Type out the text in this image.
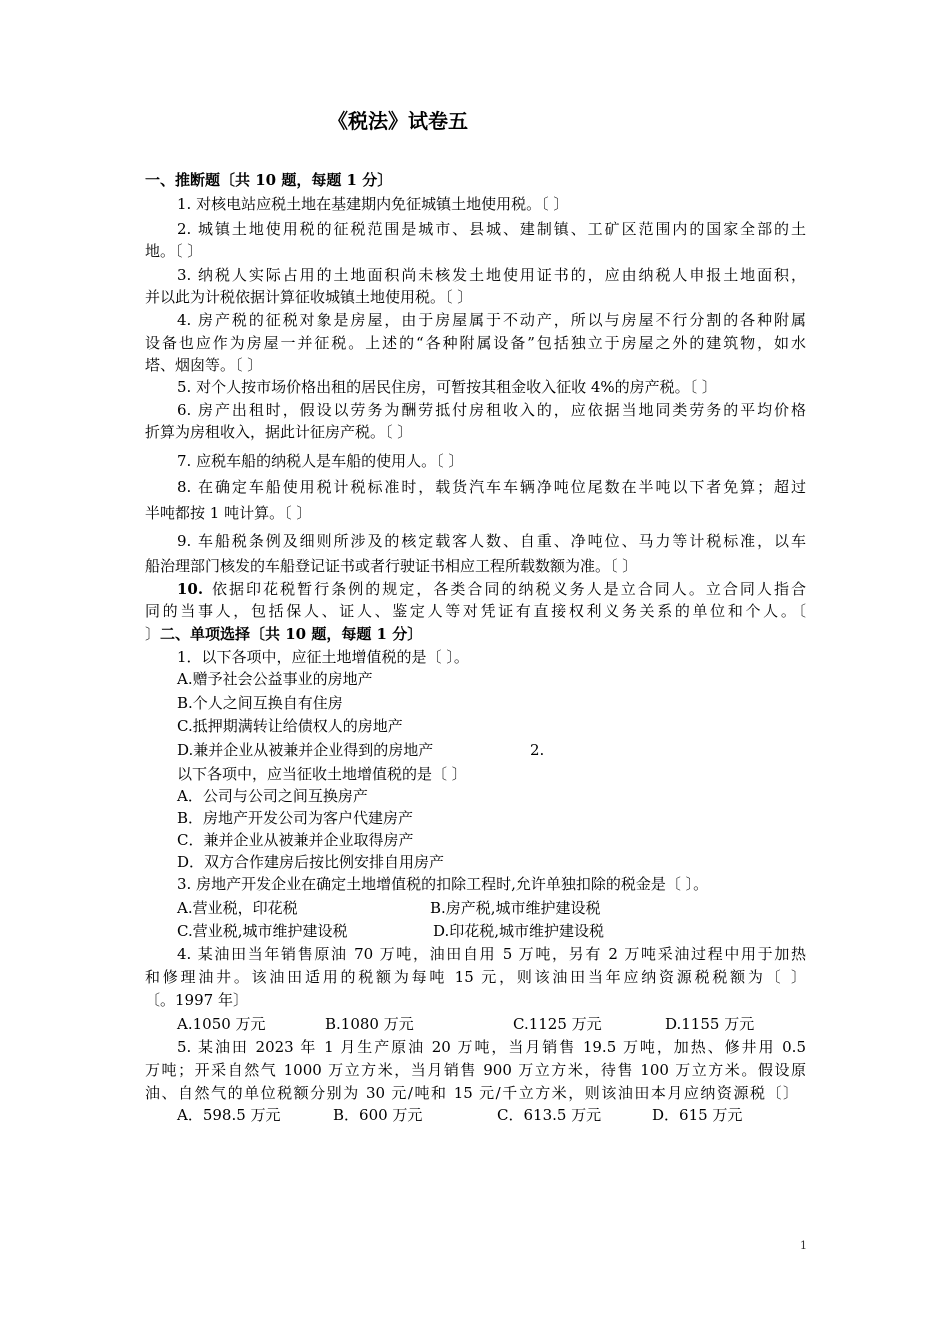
《税法》试卷五
一、推断题〔共 10 题，每题 1 分〕
1. 对核电站应税土地在基建期内免征城镇土地使用税。〔 〕
2. 城镇土地使用税的征税范围是城市、县城、建制镇、工矿区范围内的国家全部的土
地。〔 〕
3. 纳税人实际占用的土地面积尚未核发土地使用证书的，应由纳税人申报土地面积，
并以此为计税依据计算征收城镇土地使用税。〔 〕
4. 房产税的征税对象是房屋，由于房屋属于不动产，所以与房屋不行分割的各种附属
设备也应作为房屋一并征税。上述的“各种附属设备”包括独立于房屋之外的建筑物，如水
塔、烟囱等。〔 〕
5. 对个人按市场价格出租的居民住房，可暂按其租金收入征收 4%的房产税。〔 〕
6. 房产出租时，假设以劳务为酬劳抵付房租收入的，应依据当地同类劳务的平均价格
折算为房租收入，据此计征房产税。〔 〕
7. 应税车船的纳税人是车船的使用人。〔 〕
8. 在确定车船使用税计税标准时，载货汽车车辆净吨位尾数在半吨以下者免算；超过
半吨都按 1 吨计算。〔 〕
9. 车船税条例及细则所涉及的核定载客人数、自重、净吨位、马力等计税标准，以车
船治理部门核发的车船登记证书或者行驶证书相应工程所载数额为准。〔 〕
10. 依据印花税暂行条例的规定，各类合同的纳税义务人是立合同人。立合同人指合
同的当事人，包括保人、证人、鉴定人等对凭证有直接权利义务关系的单位和个人。〔
〕 二、单项选择〔共 10 题，每题 1 分〕
1．以下各项中，应征土地增值税的是〔 〕。
A.赠予社会公益事业的房地产
B.个人之间互换自有住房
C.抵押期满转让给债权人的房地产
D.兼并企业从被兼并企业得到的房地产	2.
以下各项中，应当征收土地增值税的是〔 〕
A．公司与公司之间互换房产
B．房地产开发公司为客户代建房产
C．兼并企业从被兼并企业取得房产
D．双方合作建房后按比例安排自用房产
3. 房地产开发企业在确定土地增值税的扣除工程时,允许单独扣除的税金是〔 〕。
A.营业税，印花税	B.房产税,城市维护建设税
C.营业税,城市维护建设税	D.印花税,城市维护建设税
4. 某油田当年销售原油 70 万吨，油田自用 5 万吨，另有 2 万吨采油过程中用于加热
和修理油井。该油田适用的税额为每吨 15 元，则该油田当年应纳资源税税额为〔 〕
〔。1997 年〕
A.1050 万元	B.1080 万元	C.1125 万元	D.1155 万元
5. 某油田 2023 年 1 月生产原油 20 万吨，当月销售 19.5 万吨，加热、修井用 0.5
万吨；开采自然气 1000 万立方米，当月销售 900 万立方米，待售 100 万立方米。假设原
油、自然气的单位税额分别为 30 元/吨和 15 元/千立方米，则该油田本月应纳资源税〔〕
A．598.5 万元	B．600 万元	C．613.5 万元	D．615 万元
1
